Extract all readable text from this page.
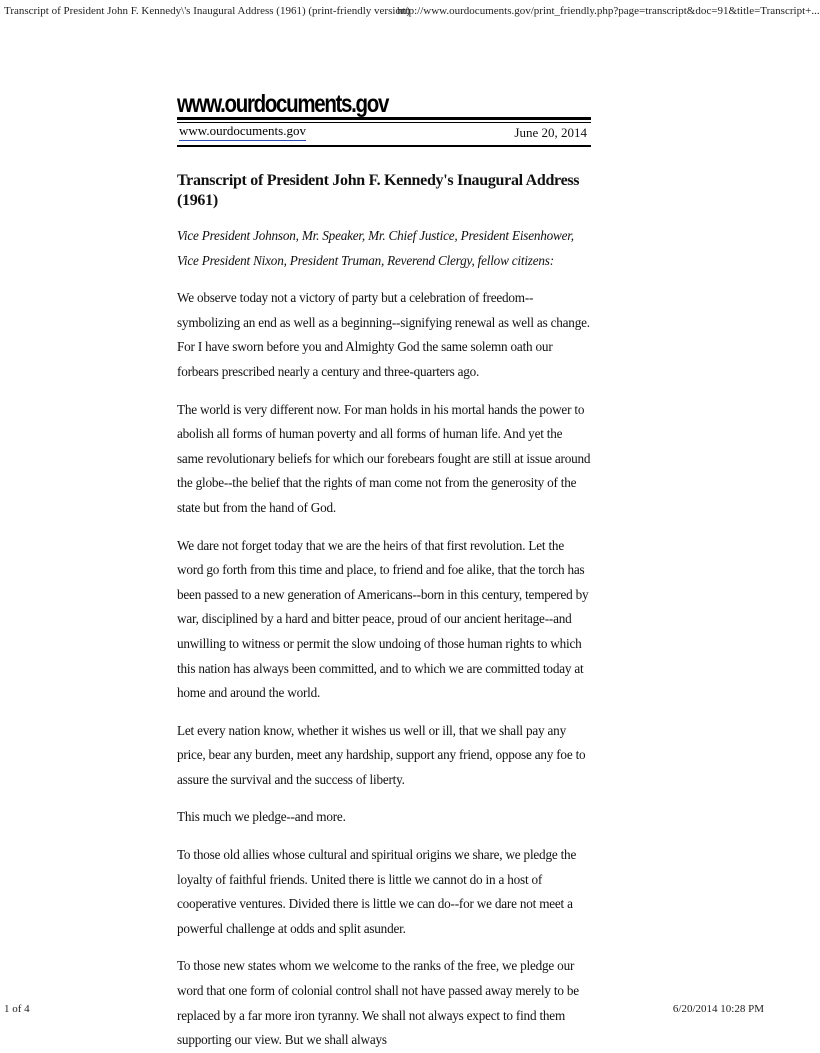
Transcript of President John F. Kennedy\'s Inaugural Address (1961) (print-friendly version)
http://www.ourdocuments.gov/print_friendly.php?page=transcript&doc=91&title=Transcript+...
www.ourdocuments.gov
www.ourdocuments.gov	June 20, 2014
Transcript of President John F. Kennedy's Inaugural Address (1961)

Vice President Johnson, Mr. Speaker, Mr. Chief Justice, President Eisenhower, Vice President Nixon, President Truman, Reverend Clergy, fellow citizens:

We observe today not a victory of party but a celebration of freedom--symbolizing an end as well as a beginning--signifying renewal as well as change. For I have sworn before you and Almighty God the same solemn oath our forbears prescribed nearly a century and three-quarters ago.

The world is very different now. For man holds in his mortal hands the power to abolish all forms of human poverty and all forms of human life. And yet the same revolutionary beliefs for which our forebears fought are still at issue around the globe--the belief that the rights of man come not from the generosity of the state but from the hand of God.

We dare not forget today that we are the heirs of that first revolution. Let the word go forth from this time and place, to friend and foe alike, that the torch has been passed to a new generation of Americans--born in this century, tempered by war, disciplined by a hard and bitter peace, proud of our ancient heritage--and unwilling to witness or permit the slow undoing of those human rights to which this nation has always been committed, and to which we are committed today at home and around the world.

Let every nation know, whether it wishes us well or ill, that we shall pay any price, bear any burden, meet any hardship, support any friend, oppose any foe to assure the survival and the success of liberty.

This much we pledge--and more.

To those old allies whose cultural and spiritual origins we share, we pledge the loyalty of faithful friends. United there is little we cannot do in a host of cooperative ventures. Divided there is little we can do--for we dare not meet a powerful challenge at odds and split asunder.

To those new states whom we welcome to the ranks of the free, we pledge our word that one form of colonial control shall not have passed away merely to be replaced by a far more iron tyranny. We shall not always expect to find them supporting our view. But we shall always

1 of 4	6/20/2014 10:28 PM
